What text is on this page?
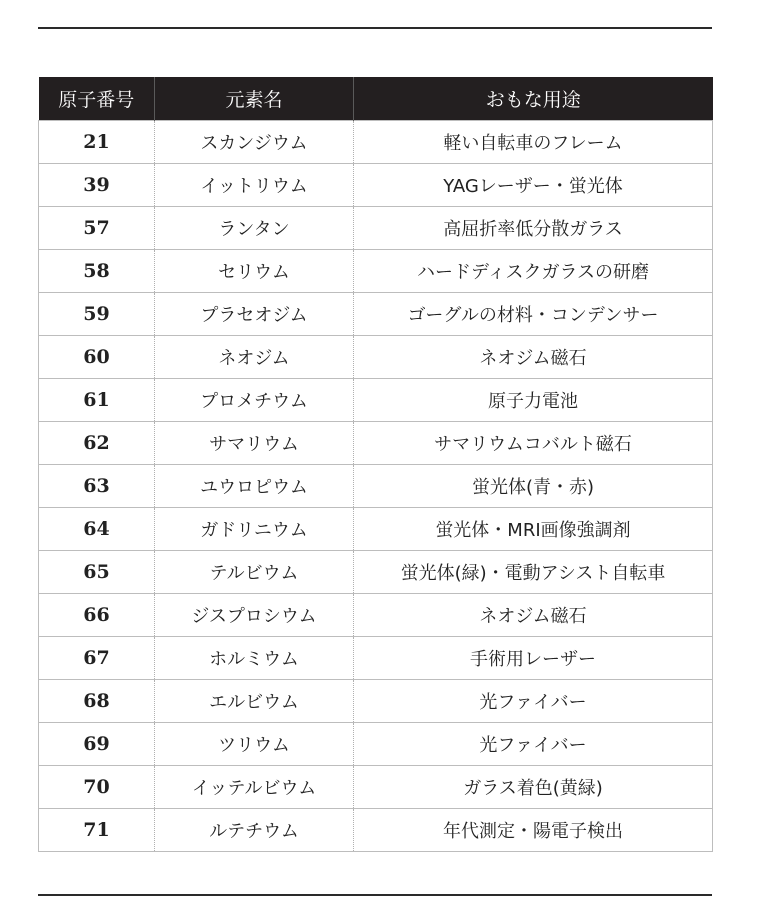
原子番号	元素名	おもな用途
21	スカンジウム	軽い自転車のフレーム
39	イットリウム	YAGレーザー・蛍光体
57	ランタン	高屈折率低分散ガラス
58	セリウム	ハードディスクガラスの研磨
59	プラセオジム	ゴーグルの材料・コンデンサー
60	ネオジム	ネオジム磁石
61	プロメチウム	原子力電池
62	サマリウム	サマリウムコバルト磁石
63	ユウロピウム	蛍光体(青・赤)
64	ガドリニウム	蛍光体・MRI画像強調剤
65	テルビウム	蛍光体(緑)・電動アシスト自転車
66	ジスプロシウム	ネオジム磁石
67	ホルミウム	手術用レーザー
68	エルビウム	光ファイバー
69	ツリウム	光ファイバー
70	イッテルビウム	ガラス着色(黄緑)
71	ルテチウム	年代測定・陽電子検出
